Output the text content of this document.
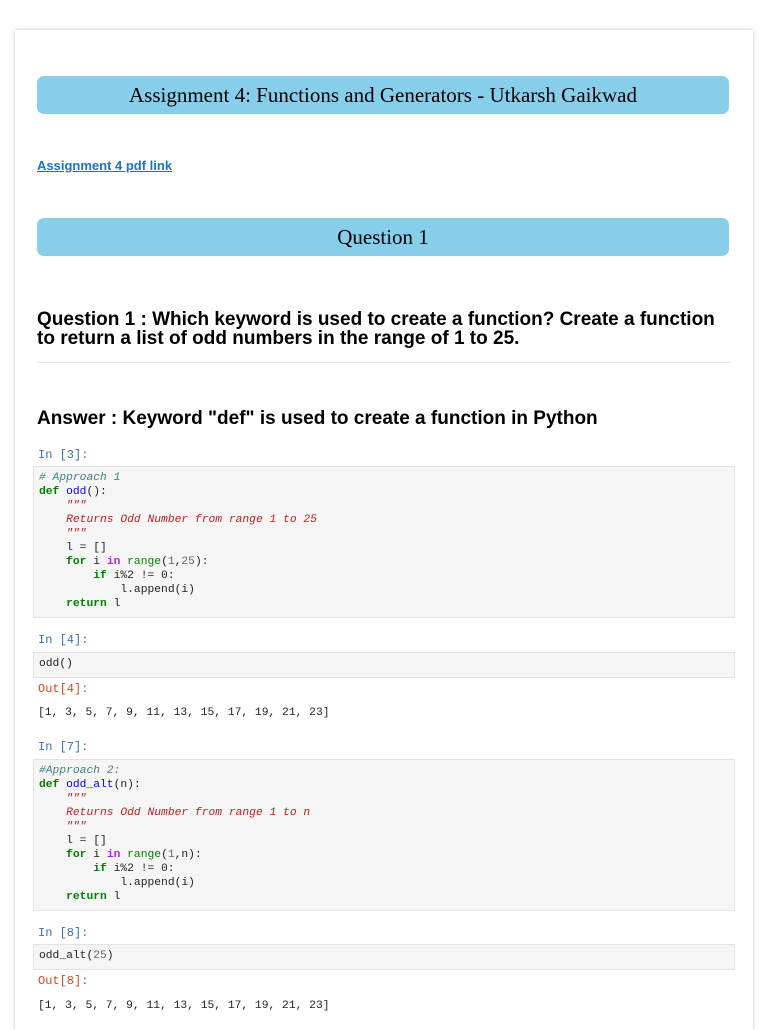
Assignment 4: Functions and Generators - Utkarsh Gaikwad
Assignment 4 pdf link
Question 1
Question 1 : Which keyword is used to create a function? Create a function to return a list of odd numbers in the range of 1 to 25.
Answer : Keyword "def" is used to create a function in Python
In [3]:
# Approach 1
def odd():
"""
Returns Odd Number from range 1 to 25
"""
l = []
for i in range(1,25):
if i%2 != 0:
l.append(i)
return l
In [4]:
odd()
Out[4]:
[1, 3, 5, 7, 9, 11, 13, 15, 17, 19, 21, 23]
In [7]:
#Approach 2:
def odd_alt(n):
"""
Returns Odd Number from range 1 to n
"""
l = []
for i in range(1,n):
if i%2 != 0:
l.append(i)
return l
In [8]:
odd_alt(25)
Out[8]:
[1, 3, 5, 7, 9, 11, 13, 15, 17, 19, 21, 23]
